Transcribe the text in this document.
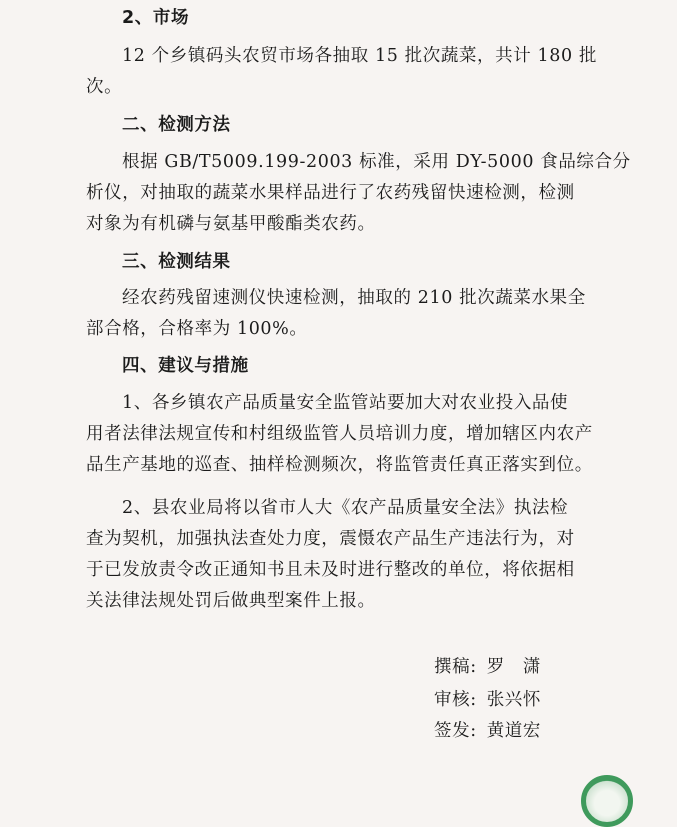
2、市场
12 个乡镇码头农贸市场各抽取 15 批次蔬菜，共计 180 批
次。
二、检测方法
根据 GB/T5009.199-2003 标准，采用 DY-5000 食品综合分
析仪，对抽取的蔬菜水果样品进行了农药残留快速检测，检测
对象为有机磷与氨基甲酸酯类农药。
三、检测结果
经农药残留速测仪快速检测，抽取的 210 批次蔬菜水果全
部合格，合格率为 100%。
四、建议与措施
1、各乡镇农产品质量安全监管站要加大对农业投入品使
用者法律法规宣传和村组级监管人员培训力度，增加辖区内农产
品生产基地的巡查、抽样检测频次，将监管责任真正落实到位。
2、县农业局将以省市人大《农产品质量安全法》执法检
查为契机，加强执法查处力度，震慑农产品生产违法行为，对
于已发放责令改正通知书且未及时进行整改的单位，将依据相
关法律法规处罚后做典型案件上报。
撰稿: 罗　潇
审核: 张兴怀
签发: 黄道宏
